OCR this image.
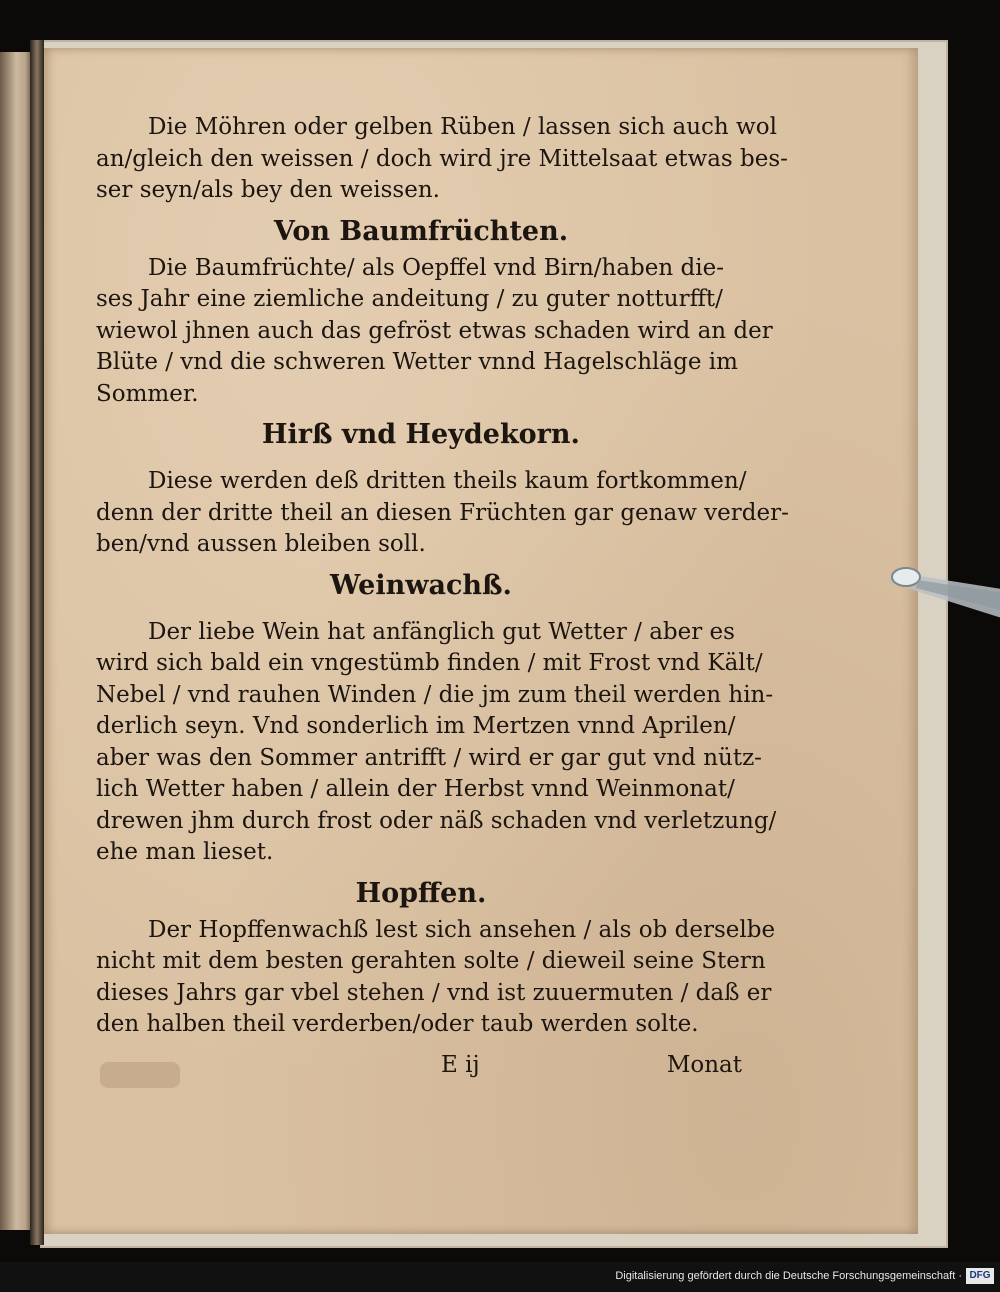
Die Möhren oder gelben Rüben / lassen sich auch wol
an/gleich den weissen / doch wird jre Mittelsaat etwas bes-
ser seyn/als bey den weissen.

Von Baumfrüchten.

Die Baumfrüchte/ als Oepffel vnd Birn/haben die-
ses Jahr eine ziemliche andeitung / zu guter notturfft/
wiewol jhnen auch das gefröst etwas schaden wird an der
Blüte / vnd die schweren Wetter vnnd Hagelschläge im
Sommer.

Hirß vnd Heydekorn.

Diese werden deß dritten theils kaum fortkommen/
denn der dritte theil an diesen Früchten gar genaw verder-
ben/vnd aussen bleiben soll.

Weinwachß.

Der liebe Wein hat anfänglich gut Wetter / aber es
wird sich bald ein vngestümb finden / mit Frost vnd Kält/
Nebel / vnd rauhen Winden / die jm zum theil werden hin-
derlich seyn. Vnd sonderlich im Mertzen vnnd Aprilen/
aber was den Sommer antrifft / wird er gar gut vnd nütz-
lich Wetter haben / allein der Herbst vnnd Weinmonat/
drewen jhm durch frost oder näß schaden vnd verletzung/
ehe man lieset.

Hopffen.

Der Hopffenwachß lest sich ansehen / als ob derselbe
nicht mit dem besten gerahten solte / dieweil seine Stern
dieses Jahrs gar vbel stehen / vnd ist zuuermuten / daß er
den halben theil verderben/oder taub werden solte.

E ij	Monat
Digitalisierung gefördert durch die Deutsche Forschungsgemeinschaft · DFG
